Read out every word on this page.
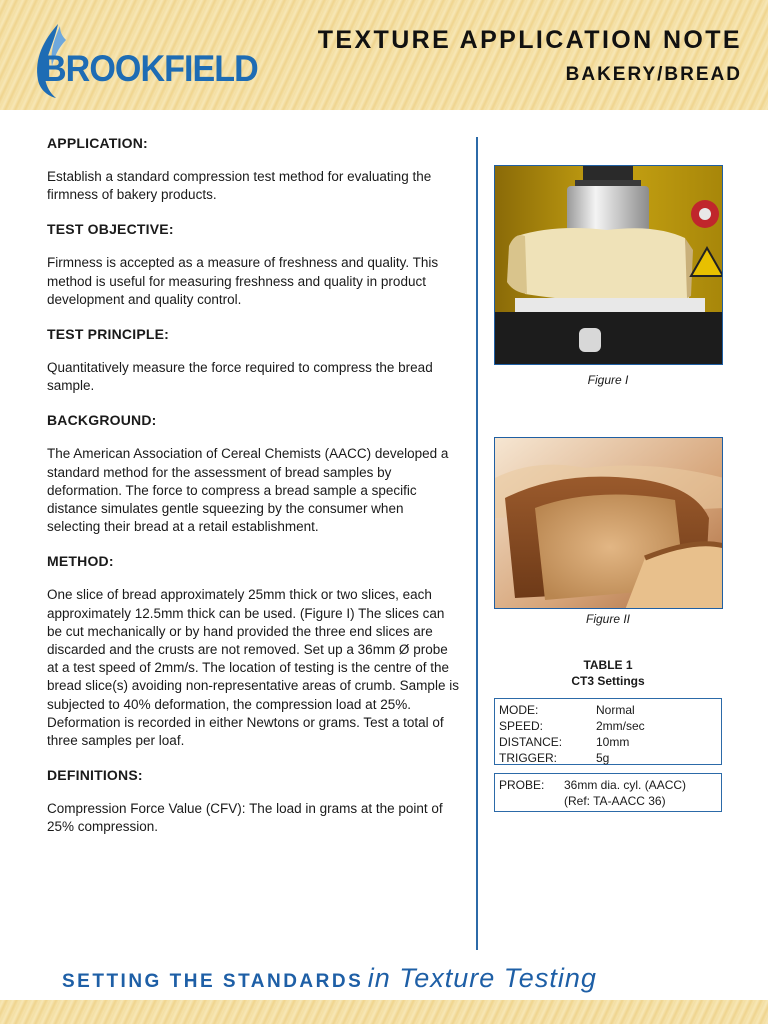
BROOKFIELD
TEXTURE APPLICATION NOTE
BAKERY/BREAD
APPLICATION:
Establish a standard compression test method for evaluating the firmness of bakery products.
TEST OBJECTIVE:
Firmness is accepted as a measure of freshness and quality. This method is useful for measuring freshness and quality in product development and quality control.
TEST PRINCIPLE:
Quantitatively measure the force required to compress the bread sample.
BACKGROUND:
The American Association of Cereal Chemists (AACC) developed a standard method for the assessment of bread samples by deformation. The force to compress a bread sample a specific distance simulates gentle squeezing by the consumer when selecting their bread at a retail establishment.
METHOD:
One slice of bread approximately 25mm thick or two slices, each approximately 12.5mm thick can be used. (Figure I) The slices can be cut mechanically or by hand provided the three end slices are discarded and the crusts are not removed. Set up a 36mm Ø probe at a test speed of 2mm/s. The location of testing is the centre of the bread slice(s) avoiding non-representative areas of crumb. Sample is subjected to 40% deformation, the compression load at 25%. Deformation is recorded in either Newtons or grams. Test a total of three samples per loaf.
DEFINITIONS:
Compression Force Value (CFV): The load in grams at the point of 25% compression.
Figure I
Figure II
TABLE 1
CT3 Settings
MODE:	Normal
SPEED:	2mm/sec
DISTANCE:	10mm
TRIGGER:	5g
PROBE:	36mm dia. cyl. (AACC)
(Ref: TA-AACC 36)
SETTING THE STANDARDS in Texture Testing
